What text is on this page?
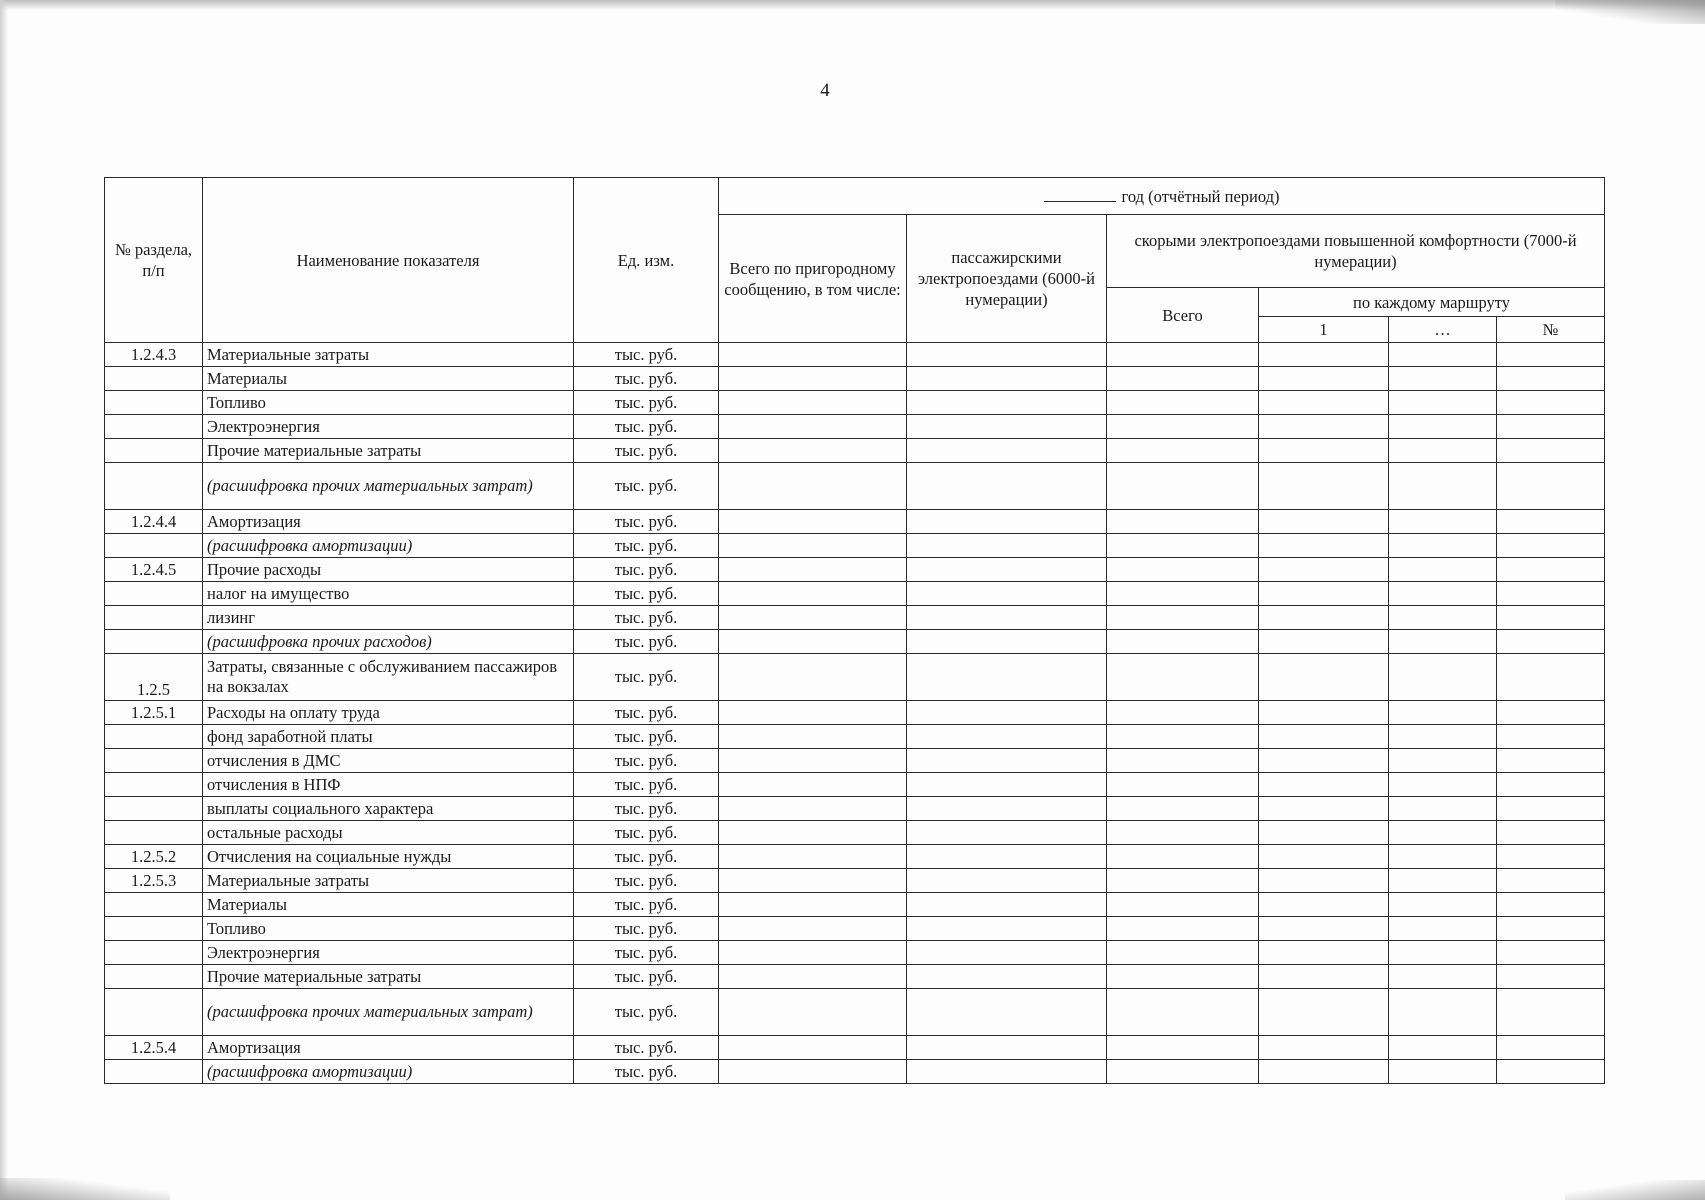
4
№ раздела, п/п	Наименование показателя	Ед. изм.	год (отчётный период)					
			Всего по пригородному сообщению, в том числе:	пассажирскими электропоездами (6000-й нумерации)	скорыми электропоездами повышенной комфортности (7000-й нумерации)			
					Всего	по каждому маршруту		
						1	…	№
1.2.4.3	Материальные затраты	тыс. руб.						
	Материалы	тыс. руб.						
	Топливо	тыс. руб.						
	Электроэнергия	тыс. руб.						
	Прочие материальные затраты	тыс. руб.						
	(расшифровка прочих материальных затрат)	тыс. руб.						
1.2.4.4	Амортизация	тыс. руб.						
	(расшифровка амортизации)	тыс. руб.						
1.2.4.5	Прочие расходы	тыс. руб.						
	налог на имущество	тыс. руб.						
	лизинг	тыс. руб.						
	(расшифровка прочих расходов)	тыс. руб.						
1.2.5	Затраты, связанные с обслуживанием пассажиров на вокзалах	тыс. руб.						
1.2.5.1	Расходы на оплату труда	тыс. руб.						
	фонд заработной платы	тыс. руб.						
	отчисления в ДМС	тыс. руб.						
	отчисления в НПФ	тыс. руб.						
	выплаты социального характера	тыс. руб.						
	остальные расходы	тыс. руб.						
1.2.5.2	Отчисления на социальные нужды	тыс. руб.						
1.2.5.3	Материальные затраты	тыс. руб.						
	Материалы	тыс. руб.						
	Топливо	тыс. руб.						
	Электроэнергия	тыс. руб.						
	Прочие материальные затраты	тыс. руб.						
	(расшифровка прочих материальных затрат)	тыс. руб.						
1.2.5.4	Амортизация	тыс. руб.						
	(расшифровка амортизации)	тыс. руб.						
